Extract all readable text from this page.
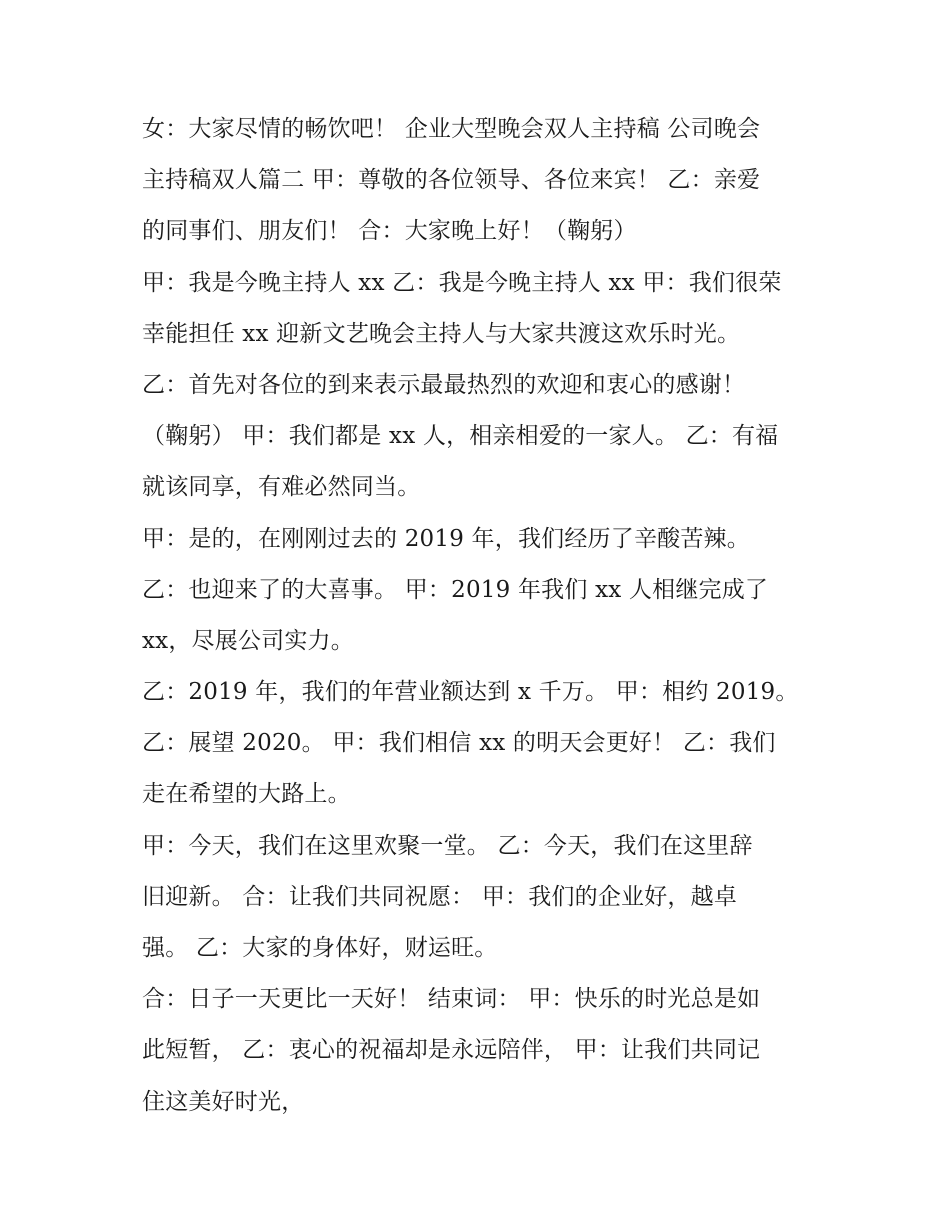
女：大家尽情的畅饮吧！ 企业大型晚会双人主持稿 公司晚会
主持稿双人篇二 甲：尊敬的各位领导、各位来宾！ 乙：亲爱
的同事们、朋友们！ 合：大家晚上好！（鞠躬）
甲：我是今晚主持人 xx 乙：我是今晚主持人 xx 甲：我们很荣
幸能担任 xx 迎新文艺晚会主持人与大家共渡这欢乐时光。
乙：首先对各位的到来表示最最热烈的欢迎和衷心的感谢！
（鞠躬） 甲：我们都是 xx 人，相亲相爱的一家人。 乙：有福
就该同享，有难必然同当。
甲：是的，在刚刚过去的 2019 年，我们经历了辛酸苦辣。
乙：也迎来了的大喜事。 甲：2019 年我们 xx 人相继完成了
xx，尽展公司实力。
乙：2019 年，我们的年营业额达到 x 千万。 甲：相约 2019。
乙：展望 2020。 甲：我们相信 xx 的明天会更好！ 乙：我们
走在希望的大路上。
甲：今天，我们在这里欢聚一堂。 乙：今天，我们在这里辞
旧迎新。 合：让我们共同祝愿： 甲：我们的企业好，越卓
强。 乙：大家的身体好，财运旺。
合：日子一天更比一天好！ 结束词： 甲：快乐的时光总是如
此短暂， 乙：衷心的祝福却是永远陪伴， 甲：让我们共同记
住这美好时光，
